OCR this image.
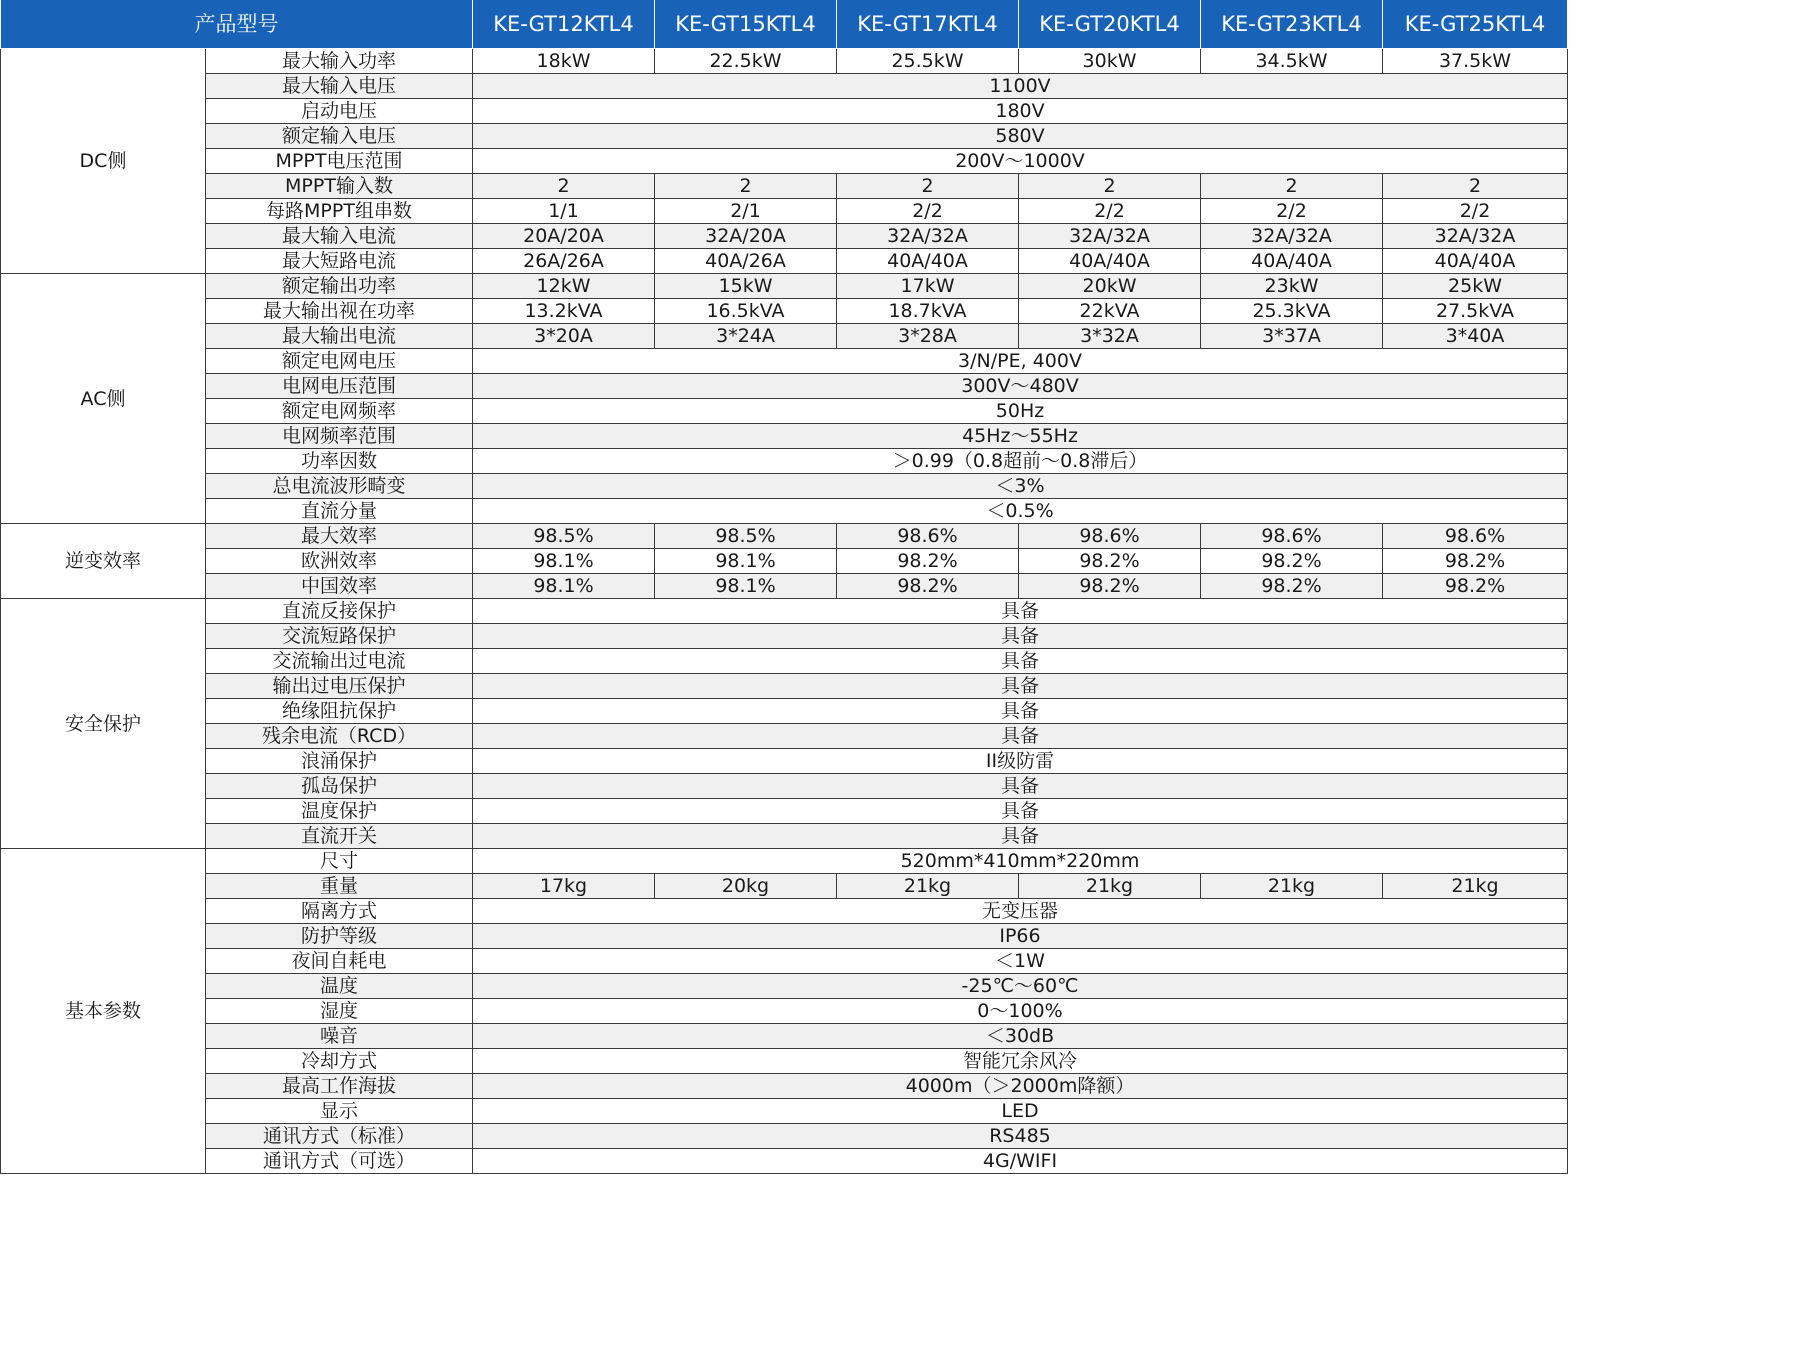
产品型号		KE-GT12KTL4	KE-GT15KTL4	KE-GT17KTL4	KE-GT20KTL4	KE-GT23KTL4	KE-GT25KTL4
DC侧	最大输入功率	18kW	22.5kW	25.5kW	30kW	34.5kW	37.5kW
	最大输入电压	1100V					
	启动电压	180V					
	额定输入电压	580V					
	MPPT电压范围	200V～1000V					
	MPPT输入数	2	2	2	2	2	2
	每路MPPT组串数	1/1	2/1	2/2	2/2	2/2	2/2
	最大输入电流	20A/20A	32A/20A	32A/32A	32A/32A	32A/32A	32A/32A
	最大短路电流	26A/26A	40A/26A	40A/40A	40A/40A	40A/40A	40A/40A
AC侧	额定输出功率	12kW	15kW	17kW	20kW	23kW	25kW
	最大输出视在功率	13.2kVA	16.5kVA	18.7kVA	22kVA	25.3kVA	27.5kVA
	最大输出电流	3*20A	3*24A	3*28A	3*32A	3*37A	3*40A
	额定电网电压	3/N/PE, 400V					
	电网电压范围	300V～480V					
	额定电网频率	50Hz					
	电网频率范围	45Hz～55Hz					
	功率因数	＞0.99（0.8超前～0.8滞后）					
	总电流波形畸变	＜3%					
	直流分量	＜0.5%					
逆变效率	最大效率	98.5%	98.5%	98.6%	98.6%	98.6%	98.6%
	欧洲效率	98.1%	98.1%	98.2%	98.2%	98.2%	98.2%
	中国效率	98.1%	98.1%	98.2%	98.2%	98.2%	98.2%
安全保护	直流反接保护	具备					
	交流短路保护	具备					
	交流输出过电流	具备					
	输出过电压保护	具备					
	绝缘阻抗保护	具备					
	残余电流（RCD）	具备					
	浪涌保护	II级防雷					
	孤岛保护	具备					
	温度保护	具备					
	直流开关	具备					
基本参数	尺寸	520mm*410mm*220mm					
	重量	17kg	20kg	21kg	21kg	21kg	21kg
	隔离方式	无变压器					
	防护等级	IP66					
	夜间自耗电	＜1W					
	温度	-25℃～60℃					
	湿度	0～100%					
	噪音	＜30dB					
	冷却方式	智能冗余风冷					
	最高工作海拔	4000m（＞2000m降额）					
	显示	LED					
	通讯方式（标准）	RS485					
	通讯方式（可选）	4G/WIFI					
